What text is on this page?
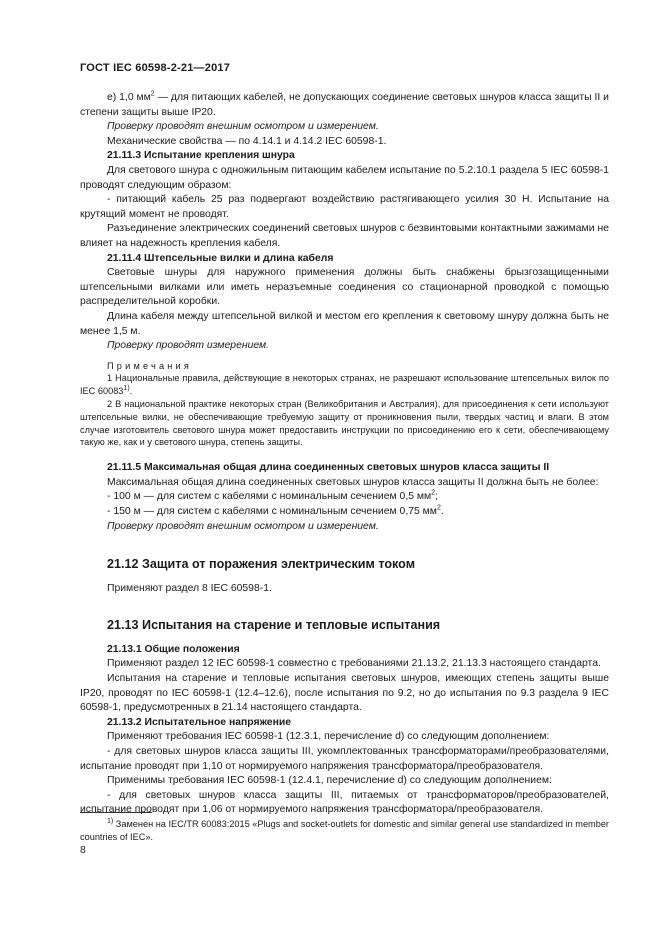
ГОСТ IEC 60598-2-21—2017

е) 1,0 $мм^2$ — для питающих кабелей, не допускающих соединение световых шнуров класса защиты II и степени защиты выше IP20.

Проверку проводят внешним осмотром и измерением.

Механические свойства — по 4.14.1 и 4.14.2 IEC 60598-1.

21.11.3 Испытание крепления шнура

Для светового шнура с одножильным питающим кабелем испытание по 5.2.10.1 раздела 5 IEC 60598-1 проводят следующим образом:

- питающий кабель 25 раз подвергают воздействию растягивающего усилия 30 Н. Испытание на крутящий момент не проводят.

Разъединение электрических соединений световых шнуров с безвинтовыми контактными зажимами не влияет на надежность крепления кабеля.

21.11.4 Штепсельные вилки и длина кабеля

Световые шнуры для наружного применения должны быть снабжены брызгозащищенными штепсельными вилками или иметь неразъемные соединения со стационарной проводкой с помощью распределительной коробки.

Длина кабеля между штепсельной вилкой и местом его крепления к световому шнуру должна быть не менее 1,5 м.

Проверку проводят измерением.

Примечания

1 Национальные правила, действующие в некоторых странах, не разрешают использование штепсельных вилок по IEC 60083$^{1)}$.

2 В национальной практике некоторых стран (Великобритания и Австралия), для присоединения к сети используют штепсельные вилки, не обеспечивающие требуемую защиту от проникновения пыли, твердых частиц и влаги. В этом случае изготовитель светового шнура может предоставить инструкции по присоединению его к сети, обеспечивающему такую же, как и у светового шнура, степень защиты.

21.11.5 Максимальная общая длина соединенных световых шнуров класса защиты II

Максимальная общая длина соединенных световых шнуров класса защиты II должна быть не более:

- 100 м — для систем с кабелями с номинальным сечением 0,5 $мм^2$;

- 150 м — для систем с кабелями с номинальным сечением 0,75 $мм^2$.

Проверку проводят внешним осмотром и измерением.

21.12 Защита от поражения электрическим током

Применяют раздел 8 IEC 60598-1.

21.13 Испытания на старение и тепловые испытания

21.13.1 Общие положения

Применяют раздел 12 IEC 60598-1 совместно с требованиями 21.13.2, 21.13.3 настоящего стандарта.

Испытания на старение и тепловые испытания световых шнуров, имеющих степень защиты выше IP20, проводят по IEC 60598-1 (12.4–12.6), после испытания по 9.2, но до испытания по 9.3 раздела 9 IEC 60598-1, предусмотренных в 21.14 настоящего стандарта.

21.13.2 Испытательное напряжение

Применяют требования IEC 60598-1 (12.3.1, перечисление d) со следующим дополнением:

- для световых шнуров класса защиты III, укомплектованных трансформаторами/преобразователями, испытание проводят при 1,10 от нормируемого напряжения трансформатора/преобразователя.

Применимы требования IEC 60598-1 (12.4.1, перечисление d) со следующим дополнением:

- для световых шнуров класса защиты III, питаемых от трансформаторов/преобразователей, испытание проводят при 1,06 от нормируемого напряжения трансформатора/преобразователя.

$^{1)}$ Заменен на IEC/TR 60083:2015 «Plugs and socket-outlets for domestic and similar general use standardized in member countries of IEC».
8
